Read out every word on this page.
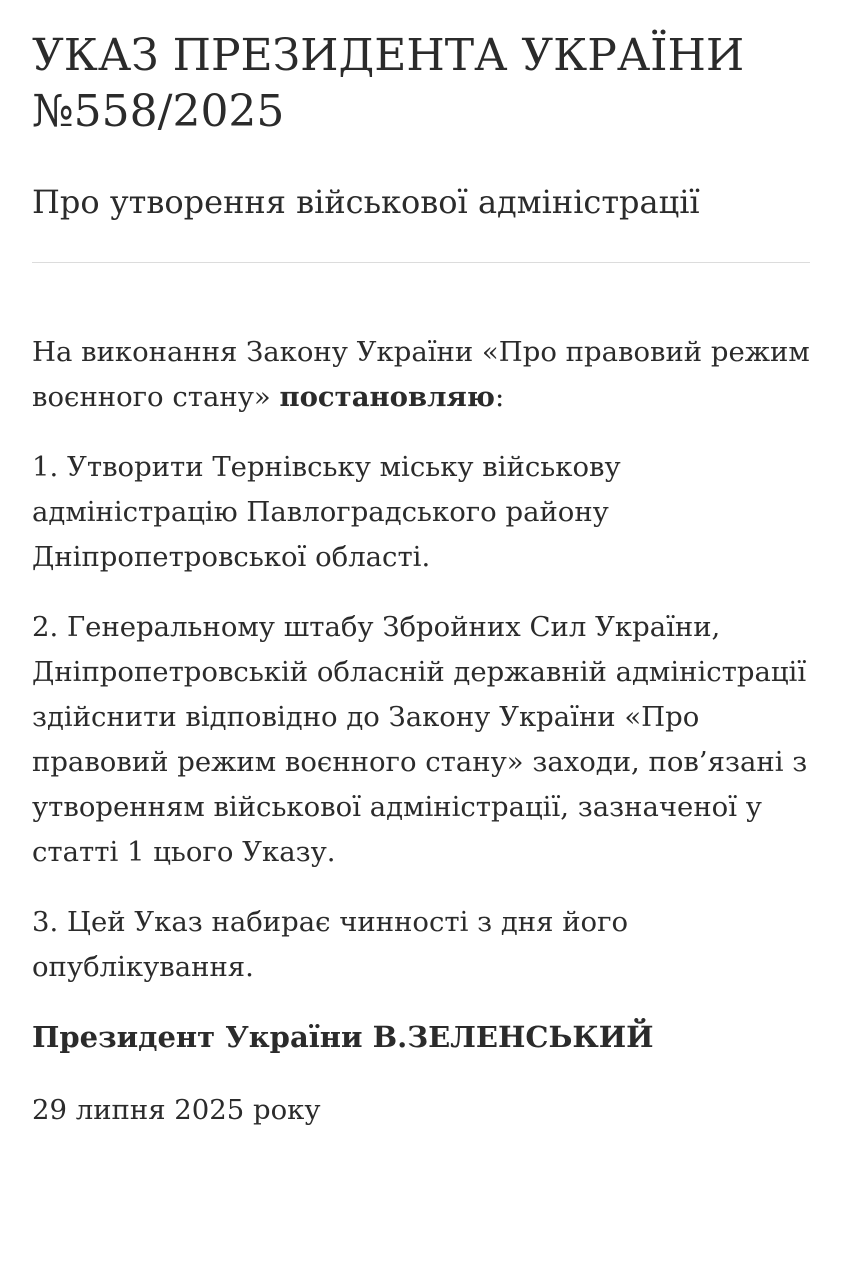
УКАЗ ПРЕЗИДЕНТА УКРАЇНИ
№558/2025
Про утворення військової адміністрації

На виконання Закону України «Про правовий режим воєнного стану» постановляю:

1. Утворити Тернівську міську військову адміністрацію Павлоградського району Дніпропетровської області.

2. Генеральному штабу Збройних Сил України, Дніпропетровській обласній державній адміністрації здійснити відповідно до Закону України «Про правовий режим воєнного стану» заходи, пов’язані з утворенням військової адміністрації, зазначеної у статті 1 цього Указу.

3. Цей Указ набирає чинності з дня його опублікування.

Президент України В.ЗЕЛЕНСЬКИЙ

29 липня 2025 року
